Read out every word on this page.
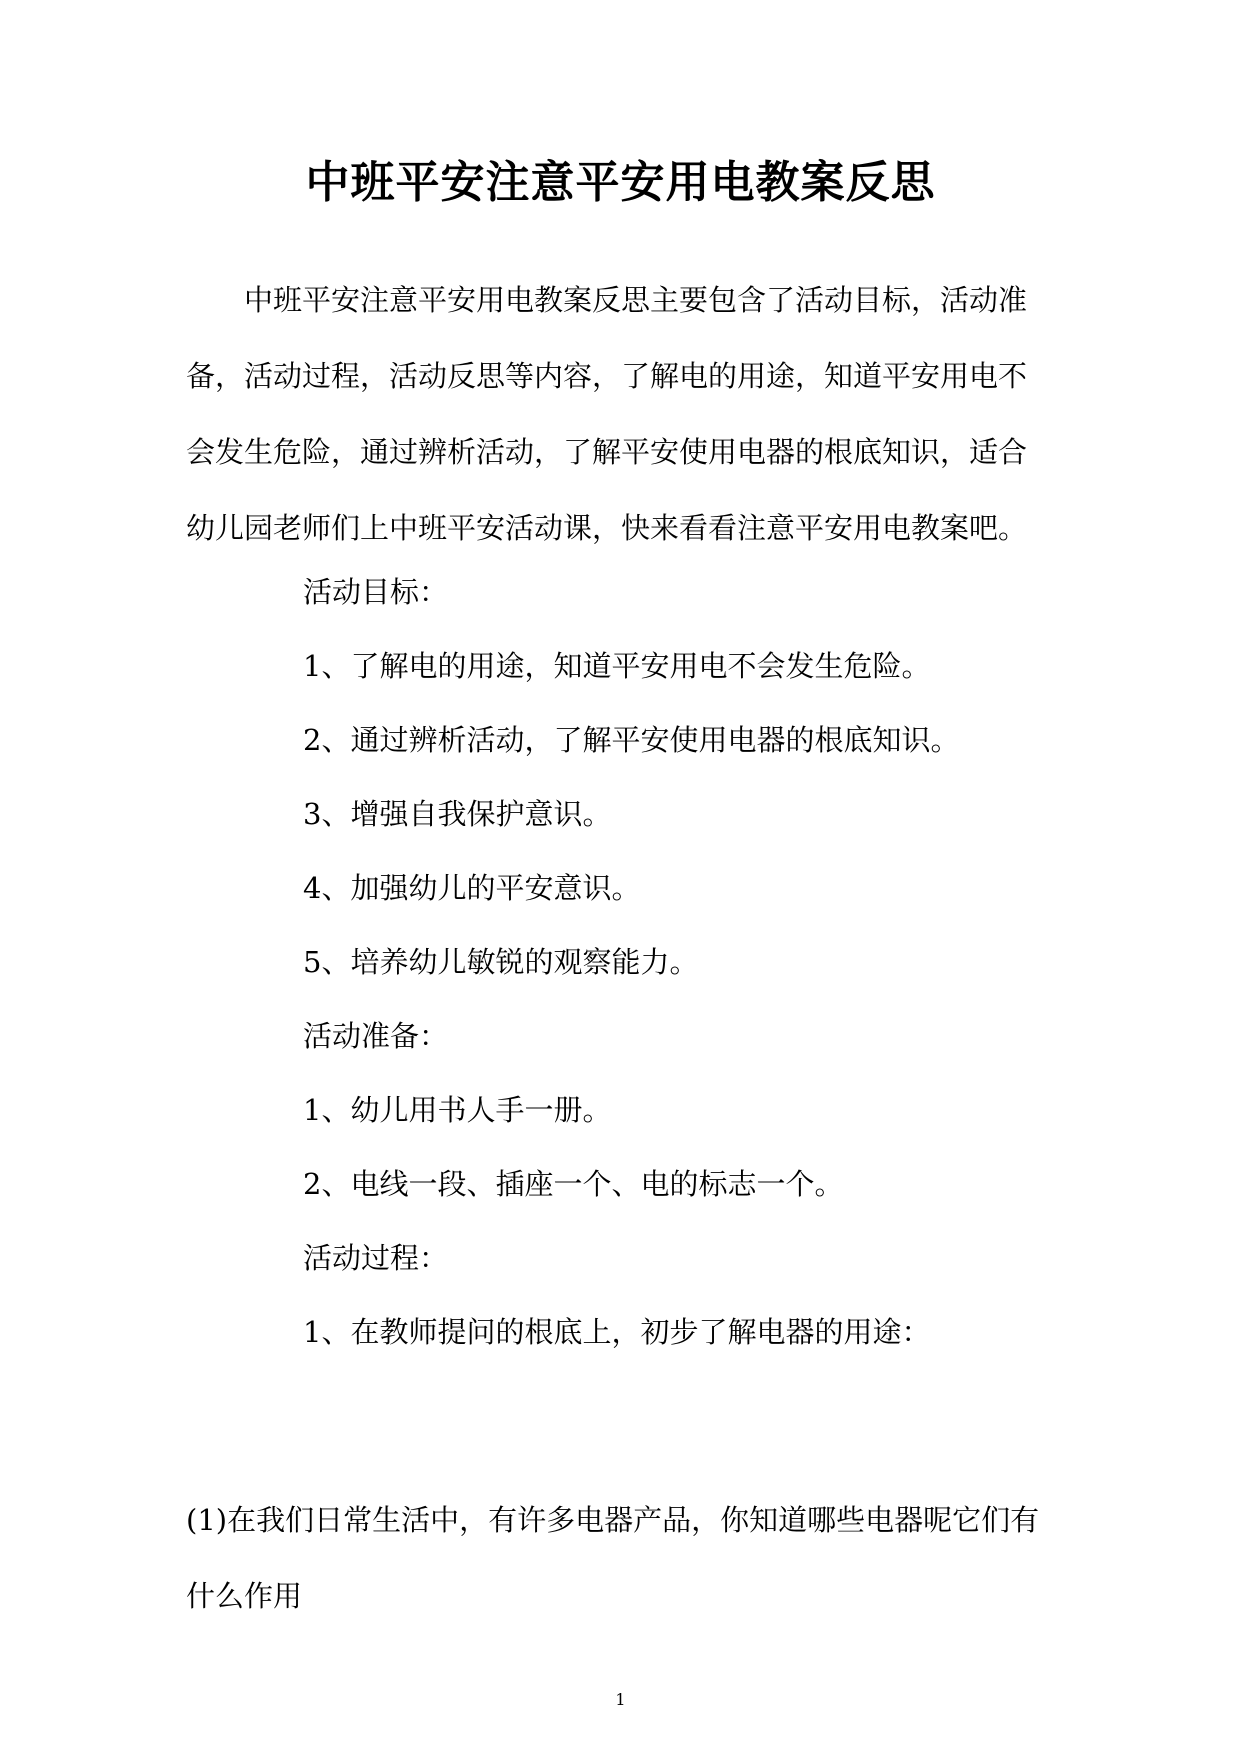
中班平安注意平安用电教案反思

中班平安注意平安用电教案反思主要包含了活动目标，活动准备，活动过程，活动反思等内容，了解电的用途，知道平安用电不会发生危险，通过辨析活动，了解平安使用电器的根底知识，适合幼儿园老师们上中班平安活动课，快来看看注意平安用电教案吧。

活动目标：

1、了解电的用途，知道平安用电不会发生危险。

2、通过辨析活动，了解平安使用电器的根底知识。

3、增强自我保护意识。

4、加强幼儿的平安意识。

5、培养幼儿敏锐的观察能力。

活动准备：

1、幼儿用书人手一册。

2、电线一段、插座一个、电的标志一个。

活动过程：

1、在教师提问的根底上，初步了解电器的用途：

(1)在我们日常生活中，有许多电器产品，你知道哪些电器呢它们有什么作用

1
